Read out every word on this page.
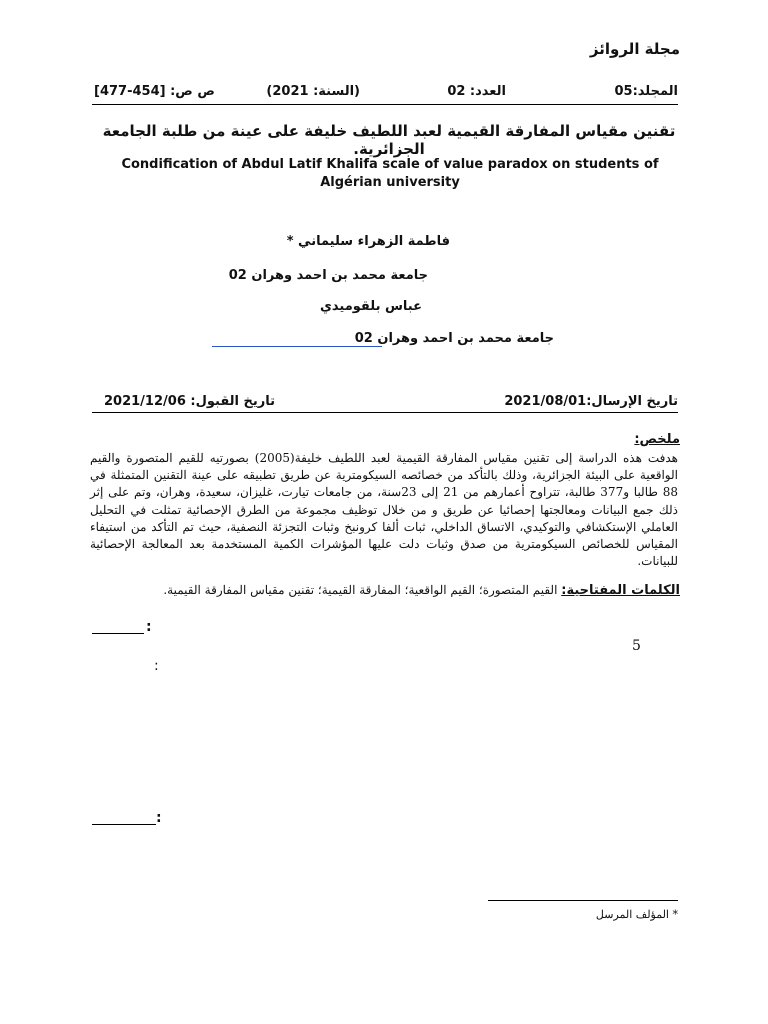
مجلة الروائز
المجلد:05
العدد: 02
(السنة: 2021)
ص ص: [454-477]
تقنين مقياس المفارقة القيمية لعبد اللطيف خليفة على عينة من طلبة الجامعة الجزائرية.
Condification of Abdul Latif Khalifa scale of value paradox on students of Algérian university
فاطمة الزهراء سليماني *
جامعة محمد بن احمد وهران 02
عباس بلقوميدي
جامعة محمد بن احمد وهران 02
تاريخ الإرسال:2021/08/01
تاريخ القبول: 2021/12/06
ملخص:
هدفت هذه الدراسة إلى تقنين مقياس المفارقة القيمية لعبد اللطيف خليفة(2005) بصورتيه للقيم المتصورة والقيم الواقعية على البيئة الجزائرية، وذلك بالتأكد من خصائصه السيكومترية عن طريق تطبيقه على عينة التقنين المتمثلة في 88 طالبا و377 طالبة، تتراوح أعمارهم من 21 إلى 23سنة، من جامعات تيارت، غليزان، سعيدة، وهران، وتم على إثر ذلك جمع البيانات ومعالجتها إحصائيا عن طريق و من خلال توظيف مجموعة من الطرق الإحصائية تمثلت في التحليل العاملي الإستكشافي والتوكيدي، الاتساق الداخلي، ثبات ألفا كرونبخ وثبات التجزئة النصفية، حيث تم التأكد من استيفاء المقياس للخصائص السيكومترية من صدق وثبات دلت عليها المؤشرات الكمية المستخدمة بعد المعالجة الإحصائية للبيانات.
الكلمات المفتاحية: القيم المتصورة؛ القيم الواقعية؛ المفارقة القيمية؛ تقنين مقياس المفارقة القيمية.
:
5
:
:
* المؤلف المرسل
